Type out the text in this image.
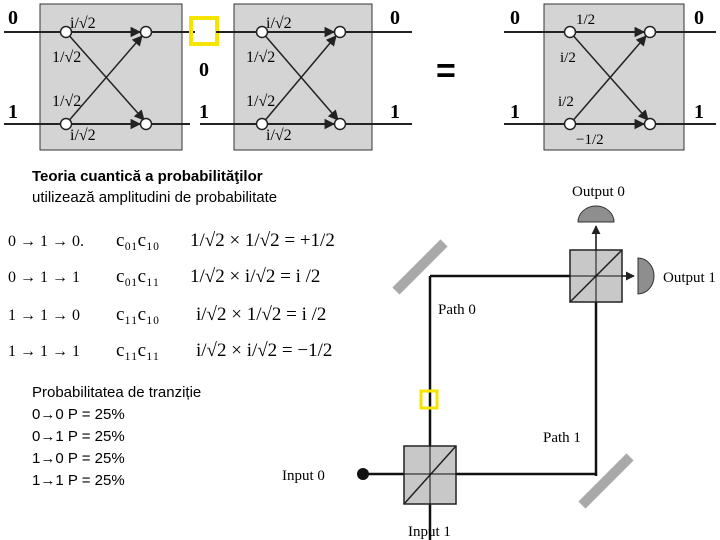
0
1
i/√2
1/√2
1/√2
i/√2
0
1
i/√2
1/√2
1/√2
i/√2
0
1
=
0
1
1/2
i/2
i/2
−1/2
0
1
0 → 1 → 0. c₀₁c₁₀ 1/√2 × 1/√2 = +1/2
0 → 1 → 1 c₀₁c₁₁ 1/√2 × i/√2 = i /2
1 → 1 → 0 c₁₁c₁₀ i/√2 × 1/√2 = i /2
1 → 1 → 1 c₁₁c₁₁ i/√2 × i/√2 = −1/2
Output 0
Output 1
Path 0
Path 1
Input 0
Input 1
Teoria cuantică a probabilităţilor
utilizează amplitudini de probabilitate
Probabilitatea de tranziție
0→0 P = 25%
0→1 P = 25%
1→0 P = 25%
1→1 P = 25%
